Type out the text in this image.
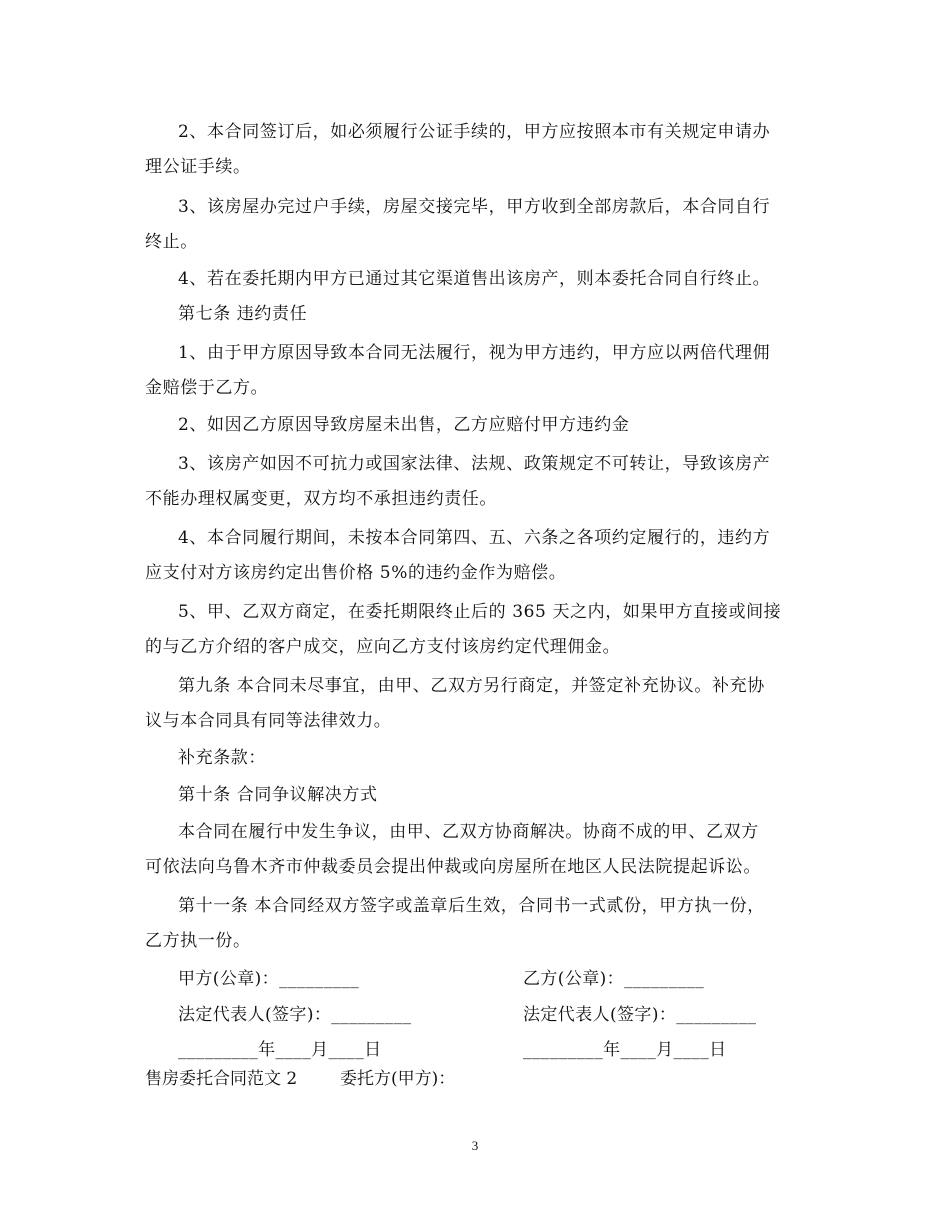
2、本合同签订后，如必须履行公证手续的，甲方应按照本市有关规定申请办
理公证手续。
3、该房屋办完过户手续，房屋交接完毕，甲方收到全部房款后，本合同自行
终止。
4、若在委托期内甲方已通过其它渠道售出该房产，则本委托合同自行终止。
第七条 违约责任
1、由于甲方原因导致本合同无法履行，视为甲方违约，甲方应以两倍代理佣
金赔偿于乙方。
2、如因乙方原因导致房屋未出售，乙方应赔付甲方违约金
3、该房产如因不可抗力或国家法律、法规、政策规定不可转让，导致该房产
不能办理权属变更，双方均不承担违约责任。
4、本合同履行期间，未按本合同第四、五、六条之各项约定履行的，违约方
应支付对方该房约定出售价格 5%的违约金作为赔偿。
5、甲、乙双方商定，在委托期限终止后的 365 天之内，如果甲方直接或间接
的与乙方介绍的客户成交，应向乙方支付该房约定代理佣金。
第九条 本合同未尽事宜，由甲、乙双方另行商定，并签定补充协议。补充协
议与本合同具有同等法律效力。
补充条款：
第十条 合同争议解决方式
本合同在履行中发生争议，由甲、乙双方协商解决。协商不成的甲、乙双方
可依法向乌鲁木齐市仲裁委员会提出仲裁或向房屋所在地区人民法院提起诉讼。
第十一条 本合同经双方签字或盖章后生效，合同书一式贰份，甲方执一份，
乙方执一份。
甲方(公章)：_________	乙方(公章)：_________
法定代表人(签字)：_________	法定代表人(签字)：_________
_________年____月____日	_________年____月____日
售房委托合同范文 2	委托方(甲方)：
3
